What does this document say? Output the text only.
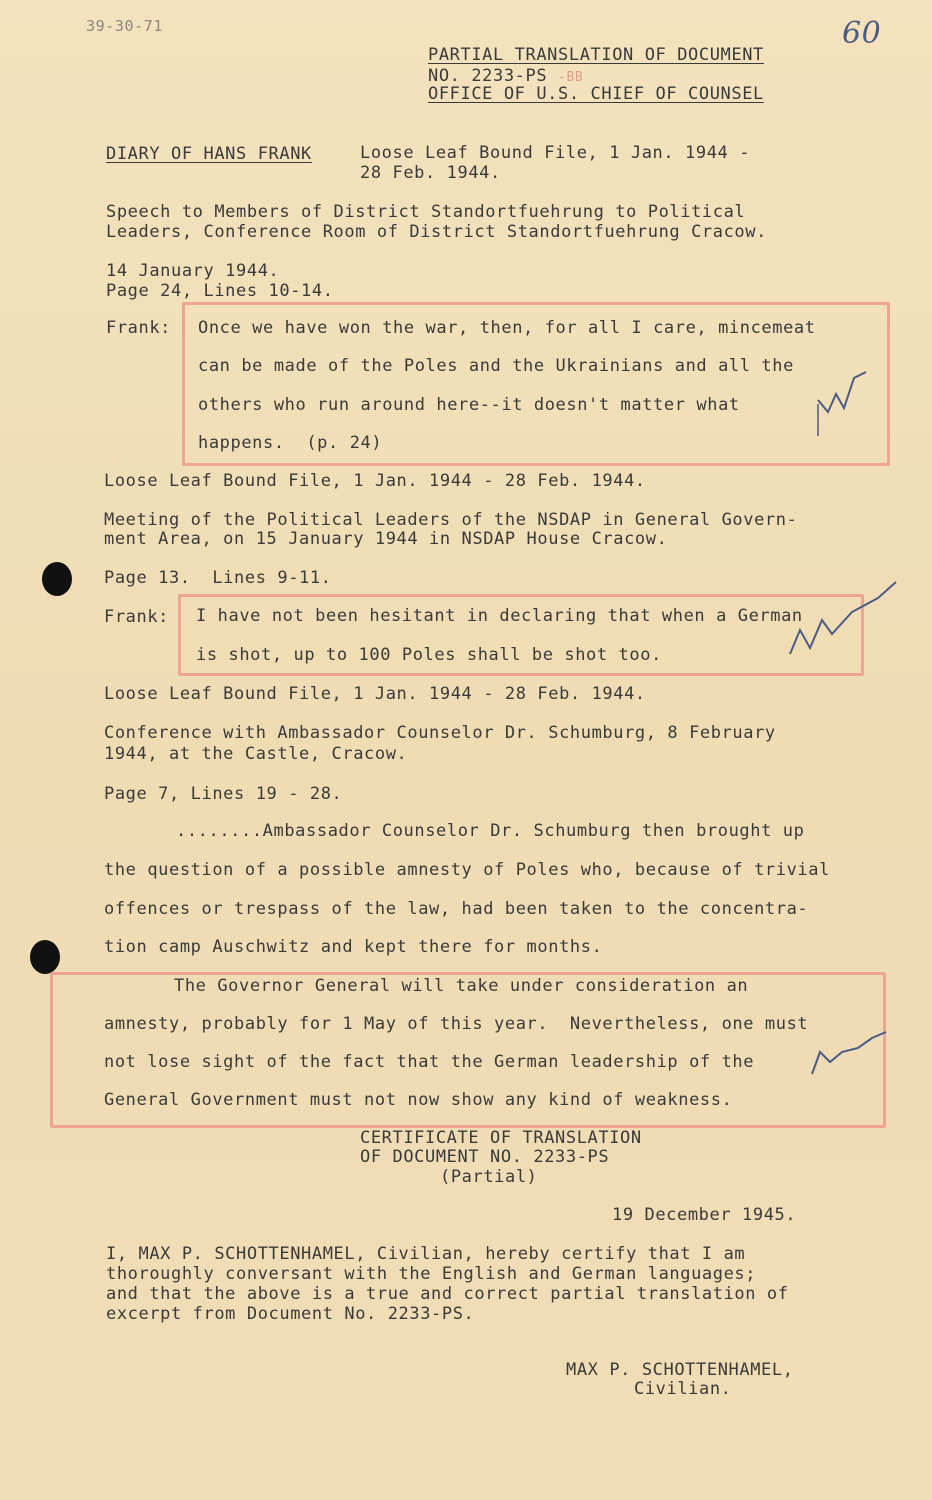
39-30-71	60
PARTIAL TRANSLATION OF DOCUMENT
NO. 2233-PS -BB
OFFICE OF U.S. CHIEF OF COUNSEL
DIARY OF HANS FRANK	Loose Leaf Bound File, 1 Jan. 1944 -
28 Feb. 1944.
Speech to Members of District Standortfuehrung to Political
Leaders, Conference Room of District Standortfuehrung Cracow.
14 January 1944.
Page 24, Lines 10-14.
Frank: Once we have won the war, then, for all I care, mincemeat
can be made of the Poles and the Ukrainians and all the
others who run around here--it doesn't matter what
happens.  (p. 24)
Loose Leaf Bound File, 1 Jan. 1944 - 28 Feb. 1944.
Meeting of the Political Leaders of the NSDAP in General Govern-
ment Area, on 15 January 1944 in NSDAP House Cracow.
Page 13.  Lines 9-11.
Frank: I have not been hesitant in declaring that when a German
is shot, up to 100 Poles shall be shot too.
Loose Leaf Bound File, 1 Jan. 1944 - 28 Feb. 1944.
Conference with Ambassador Counselor Dr. Schumburg, 8 February
1944, at the Castle, Cracow.
Page 7, Lines 19 - 28.
........Ambassador Counselor Dr. Schumburg then brought up
the question of a possible amnesty of Poles who, because of trivial
offences or trespass of the law, had been taken to the concentra-
tion camp Auschwitz and kept there for months.
The Governor General will take under consideration an
amnesty, probably for 1 May of this year.  Nevertheless, one must
not lose sight of the fact that the German leadership of the
General Government must not now show any kind of weakness.
CERTIFICATE OF TRANSLATION
OF DOCUMENT NO. 2233-PS
(Partial)
19 December 1945.
I, MAX P. SCHOTTENHAMEL, Civilian, hereby certify that I am
thoroughly conversant with the English and German languages;
and that the above is a true and correct partial translation of
excerpt from Document No. 2233-PS.
MAX P. SCHOTTENHAMEL,
Civilian.
